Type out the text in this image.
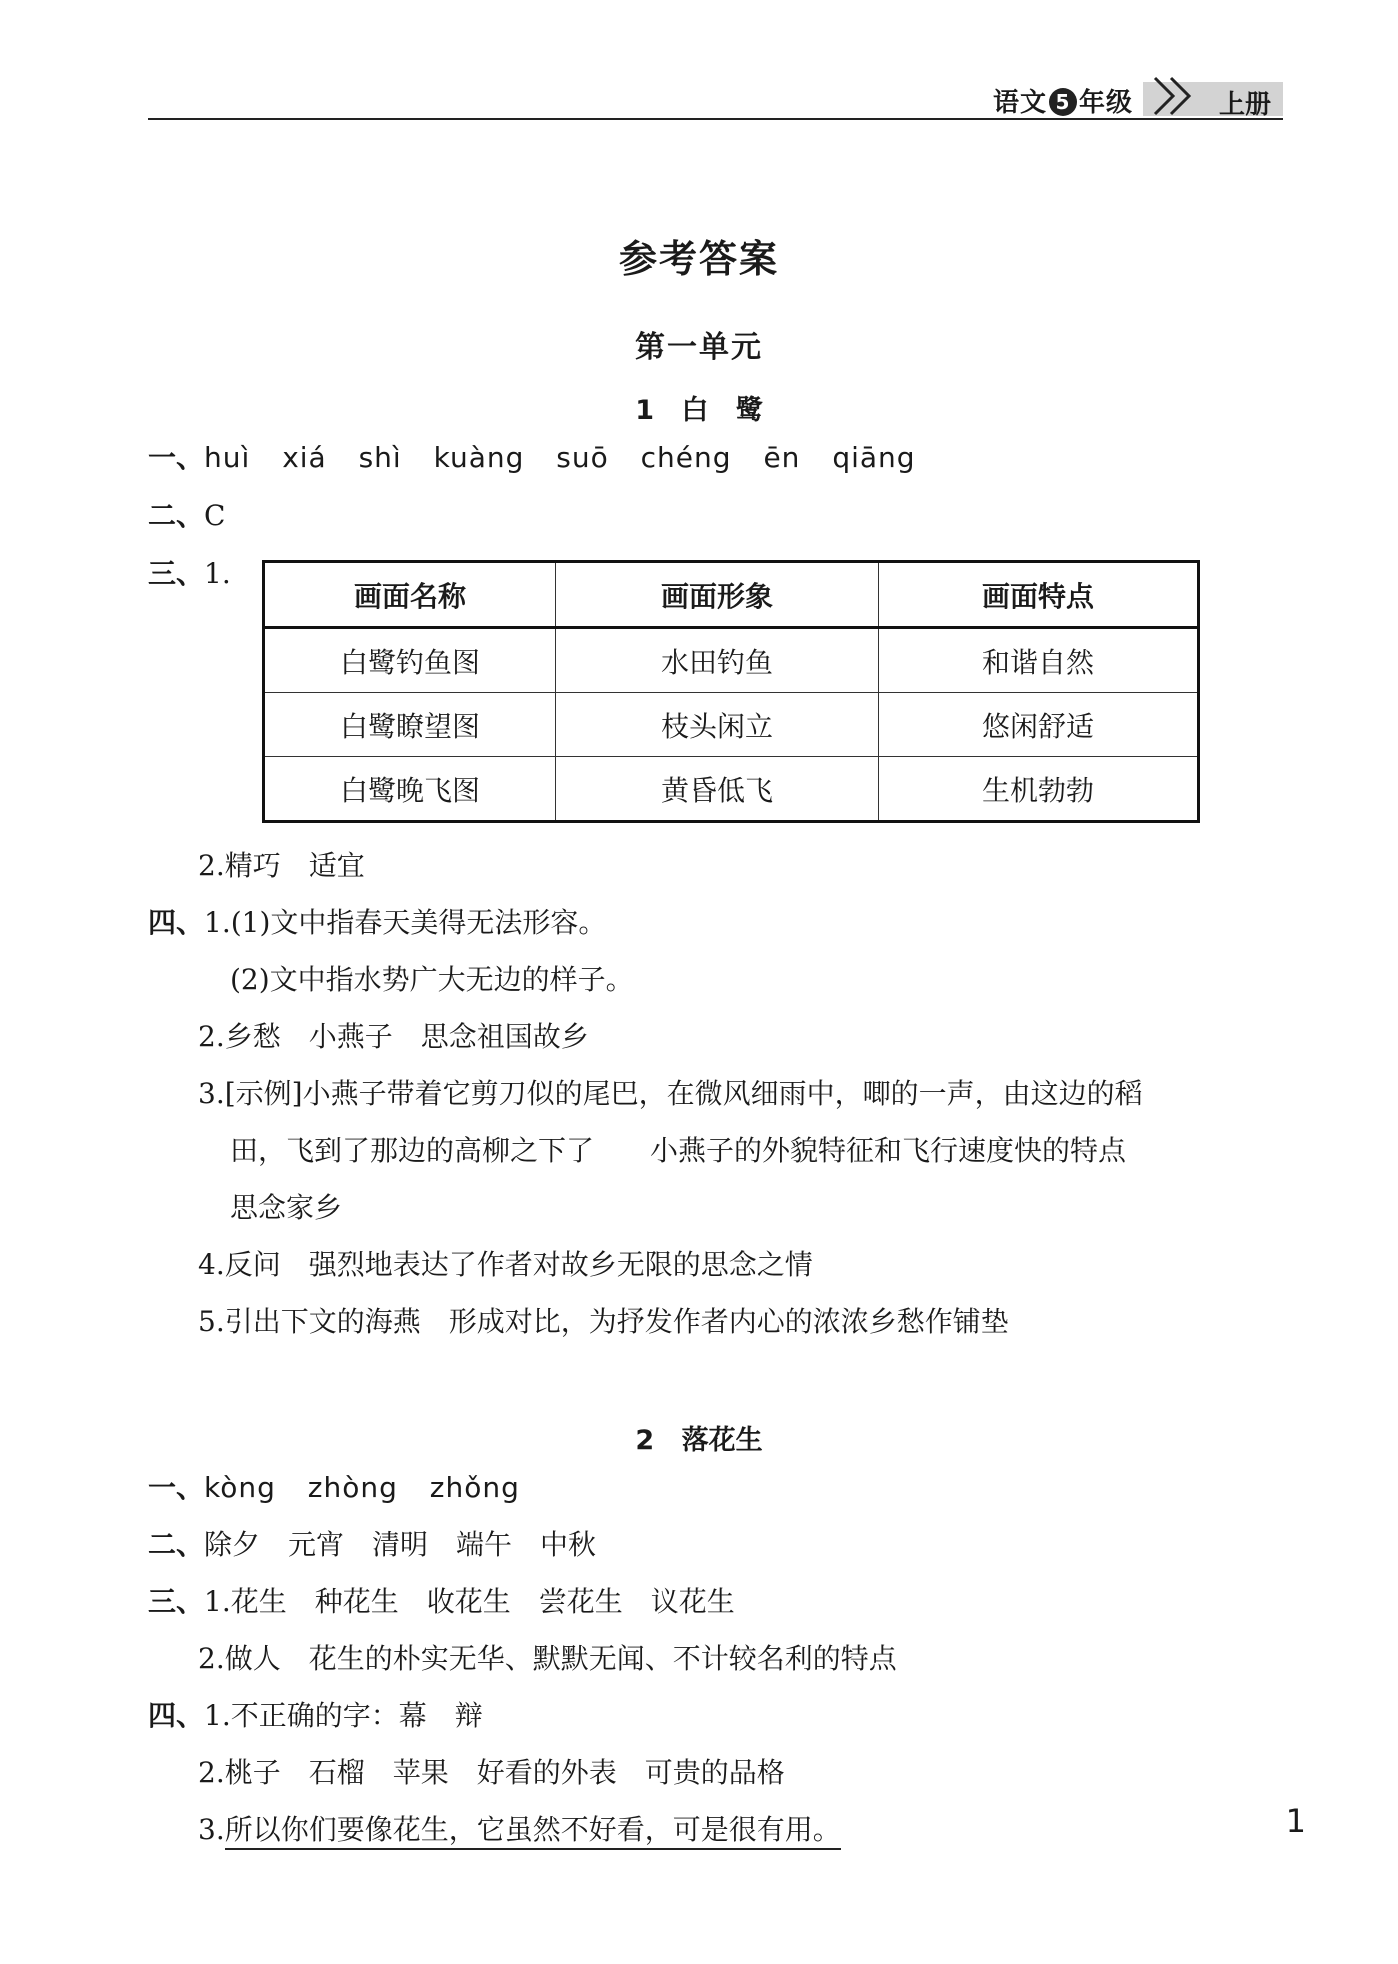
语文 5 年级	上册
参考答案
第一单元
1 白 鹭
一、huì xiá shì kuàng suō chéng ēn qiāng
二、C
三、1.
画面名称	画面形象	画面特点
白鹭钓鱼图	水田钓鱼	和谐自然
白鹭瞭望图	枝头闲立	悠闲舒适
白鹭晚飞图	黄昏低飞	生机勃勃
2.精巧　适宜
四、1.(1)文中指春天美得无法形容。
(2)文中指水势广大无边的样子。
2.乡愁　小燕子　思念祖国故乡
3.[示例]小燕子带着它剪刀似的尾巴，在微风细雨中，唧的一声，由这边的稻
田，飞到了那边的高柳之下了　　小燕子的外貌特征和飞行速度快的特点
思念家乡
4.反问　强烈地表达了作者对故乡无限的思念之情
5.引出下文的海燕　形成对比，为抒发作者内心的浓浓乡愁作铺垫
2 落花生
一、kòng zhòng zhǒng
二、除夕　元宵　清明　端午　中秋
三、1.花生　种花生　收花生　尝花生　议花生
2.做人　花生的朴实无华、默默无闻、不计较名利的特点
四、1.不正确的字：幕　辩
2.桃子　石榴　苹果　好看的外表　可贵的品格
3.所以你们要像花生，它虽然不好看，可是很有用。	1
